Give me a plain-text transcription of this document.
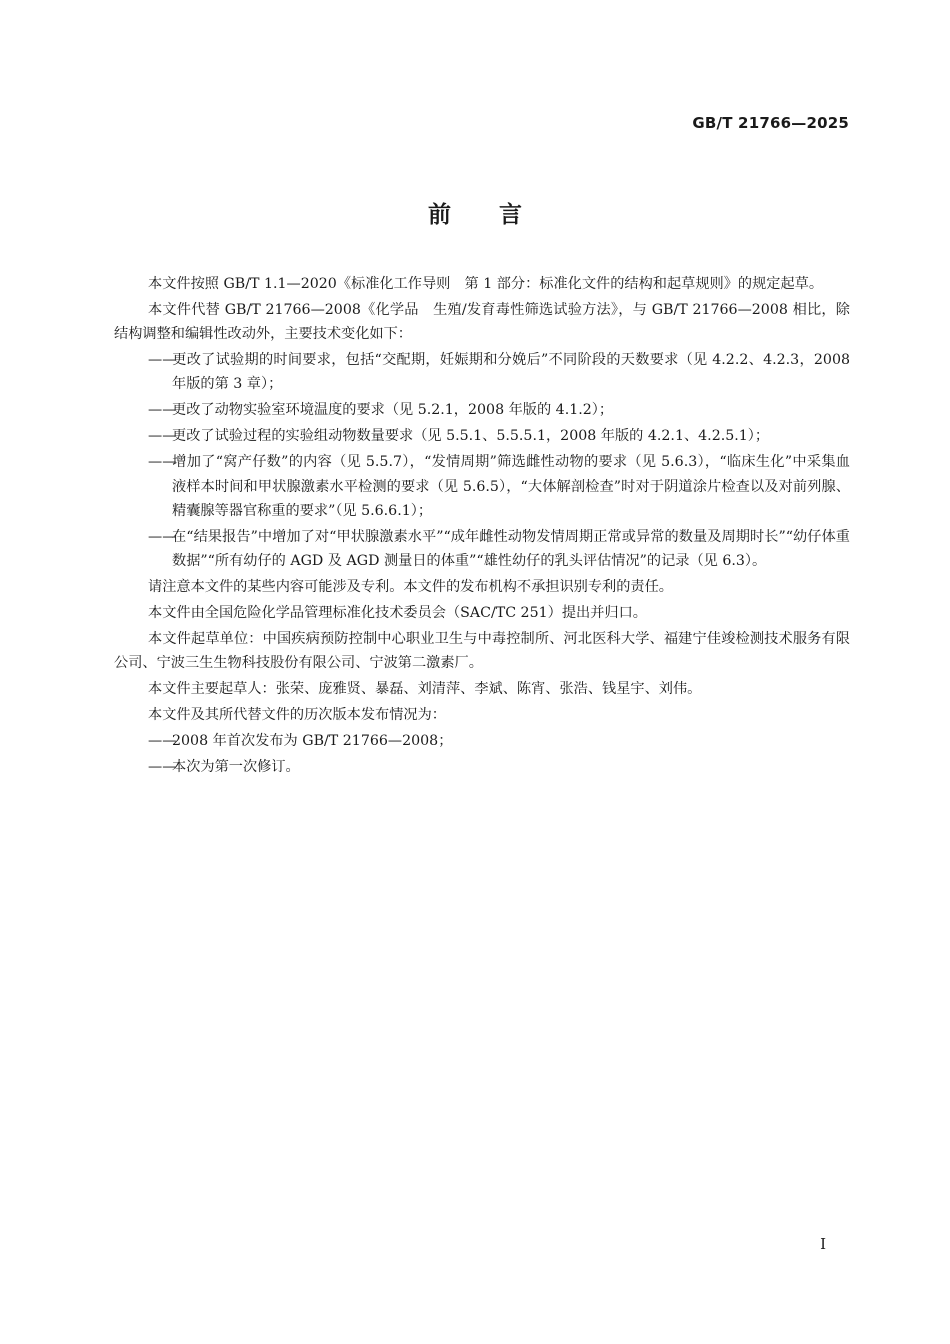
GB/T 21766—2025
前言

本文件按照 GB/T 1.1—2020《标准化工作导则　第 1 部分：标准化文件的结构和起草规则》的规定起草。

本文件代替 GB/T 21766—2008《化学品　生殖/发育毒性筛选试验方法》，与 GB/T 21766—2008 相比，除结构调整和编辑性改动外，主要技术变化如下：

——更改了试验期的时间要求，包括“交配期，妊娠期和分娩后”不同阶段的天数要求（见 4.2.2、4.2.3，2008 年版的第 3 章）；

——更改了动物实验室环境温度的要求（见 5.2.1，2008 年版的 4.1.2）；

——更改了试验过程的实验组动物数量要求（见 5.5.1、5.5.5.1，2008 年版的 4.2.1、4.2.5.1）；

——增加了“窝产仔数”的内容（见 5.5.7），“发情周期”筛选雌性动物的要求（见 5.6.3），“临床生化”中采集血液样本时间和甲状腺激素水平检测的要求（见 5.6.5），“大体解剖检查”时对于阴道涂片检查以及对前列腺、精囊腺等器官称重的要求”（见 5.6.6.1）；

——在“结果报告”中增加了对“甲状腺激素水平”“成年雌性动物发情周期正常或异常的数量及周期时长”“幼仔体重数据”“所有幼仔的 AGD 及 AGD 测量日的体重”“雄性幼仔的乳头评估情况”的记录（见 6.3）。

请注意本文件的某些内容可能涉及专利。本文件的发布机构不承担识别专利的责任。

本文件由全国危险化学品管理标准化技术委员会（SAC/TC 251）提出并归口。

本文件起草单位：中国疾病预防控制中心职业卫生与中毒控制所、河北医科大学、福建宁佳竣检测技术服务有限公司、宁波三生生物科技股份有限公司、宁波第二激素厂。

本文件主要起草人：张荣、庞雅贤、暴磊、刘清萍、李斌、陈宵、张浩、钱星宇、刘伟。

本文件及其所代替文件的历次版本发布情况为：

——2008 年首次发布为 GB/T 21766—2008；

——本次为第一次修订。

I
